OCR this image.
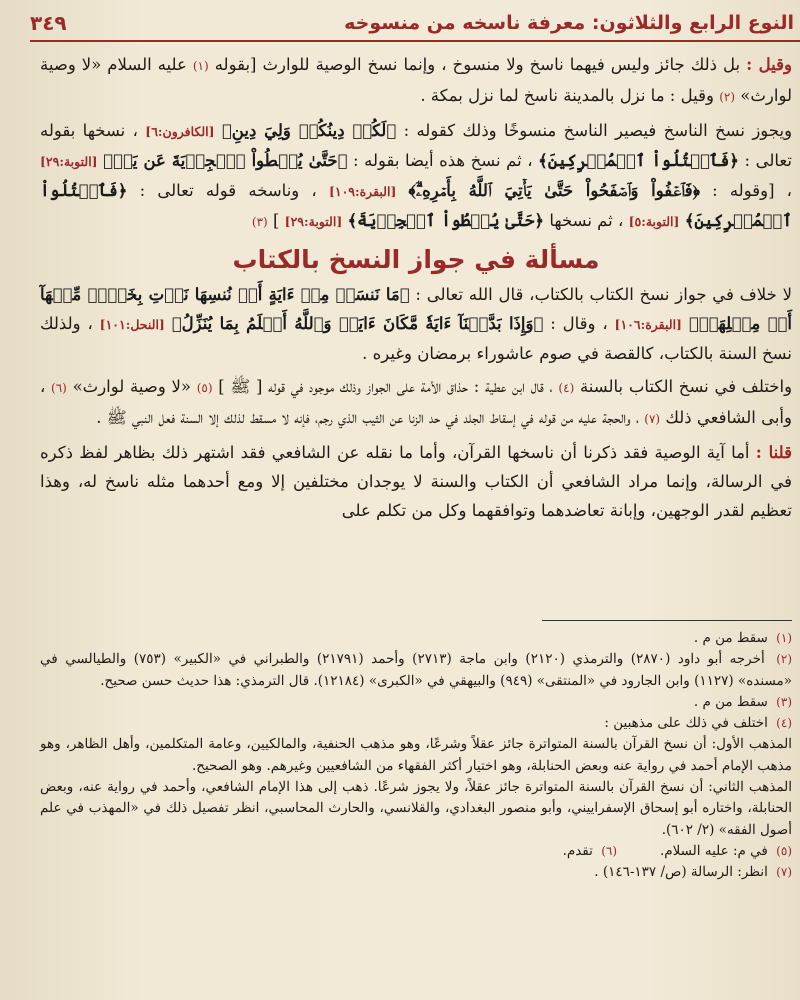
النوع الرابع والثلاثون: معرفة ناسخه من منسوخه
٣٤٩

وقيل : بل ذلك جائز وليس فيهما ناسخ ولا منسوخ ، وإنما نسخ الوصية للوارث [بقوله (١) عليه السلام «لا وصية لوارث» (٢) وقيل : ما نزل بالمدينة ناسخ لما نزل بمكة .

ويجوز نسخ الناسخ فيصير الناسخ منسوخًا وذلك كقوله : ﴿لَكُمۡ دِينُكُمۡ وَلِيَ دِينِ﴾ [الكافرون:٦] ، نسخها بقوله تعالى : ﴿فَٱقۡتُلُواْ ٱلۡمُشۡرِكِينَ﴾ ، ثم نسخ هذه أيضا بقوله : ﴿حَتَّىٰ يُعۡطُواْ ٱلۡجِزۡيَةَ عَن يَدٖ﴾ [التوبة:٢٩] ، [وقوله : ﴿فَٱعۡفُواْ وَٱصۡفَحُواْ حَتَّىٰ يَأۡتِيَ ٱللَّهُ بِأَمۡرِهِۦٓۗ﴾ [البقرة:١٠٩] ، وناسخه قوله تعالى : ﴿فَٱقۡتُلُواْ ٱلۡمُشۡرِكِينَ﴾ [التوبة:٥] ، ثم نسخها ﴿حَتَّىٰ يُعۡطُواْ ٱلۡجِزۡيَةَ﴾ [التوبة:٢٩] ] (٣)

مسألة في جواز النسخ بالكتاب

لا خلاف في جواز نسخ الكتاب بالكتاب، قال الله تعالى : ﴿مَا نَنسَخۡ مِنۡ ءَايَةٍ أَوۡ نُنسِهَا نَأۡتِ بِخَيۡرٖ مِّنۡهَآ أَوۡ مِثۡلِهَآۗ﴾ [البقرة:١٠٦] ، وقال : ﴿وَإِذَا بَدَّلۡنَآ ءَايَةٗ مَّكَانَ ءَايَةٖ وَٱللَّهُ أَعۡلَمُ بِمَا يُنَزِّلُ﴾ [النحل:١٠١] ، ولذلك نسخ السنة بالكتاب، كالقصة في صوم عاشوراء برمضان وغيره .

واختلف في نسخ الكتاب بالسنة (٤) ، قال ابن عطية : حذاق الأمة على الجواز وذلك موجود في قوله [ ﷺ ] (٥) «لا وصية لوارث» (٦) ، وأبى الشافعي ذلك (٧) ، والحجة عليه من قوله في إسقاط الجلد في حد الزنا عن الثيب الذي رجم، فإنه لا مسقط لذلك إلا السنة فعل النبي ﷺ .

قلنا : أما آية الوصية فقد ذكرنا أن ناسخها القرآن، وأما ما نقله عن الشافعي فقد اشتهر ذلك بظاهر لفظ ذكره في الرسالة، وإنما مراد الشافعي أن الكتاب والسنة لا يوجدان مختلفين إلا ومع أحدهما مثله ناسخ له، وهذا تعظيم لقدر الوجهين، وإبانة تعاضدهما وتوافقهما وكل من تكلم على

(١) سقط من م .

(٢) أخرجه أبو داود (٢٨٧٠) والترمذي (٢١٢٠) وابن ماجة (٢٧١٣) وأحمد (٢١٧٩١) والطبراني في «الكبير» (٧٥٣) والطيالسي في «مسنده» (١١٢٧) وابن الجارود في «المنتقى» (٩٤٩) والبيهقي في «الكبرى» (١٢١٨٤). قال الترمذي: هذا حديث حسن صحيح.

(٣) سقط من م .

(٤) اختلف في ذلك على مذهبين :

المذهب الأول: أن نسخ القرآن بالسنة المتواترة جائز عقلاً وشرعًا، وهو مذهب الحنفية، والمالكيين، وعامة المتكلمين، وأهل الظاهر، وهو مذهب الإمام أحمد في رواية عنه وبعض الحنابلة، وهو اختيار أكثر الفقهاء من الشافعيين وغيرهم. وهو الصحيح.

المذهب الثاني: أن نسخ القرآن بالسنة المتواترة جائز عقلاً، ولا يجوز شرعًا. ذهب إلى هذا الإمام الشافعي، وأحمد في رواية عنه، وبعض الحنابلة، واختاره أبو إسحاق الإسفراييني، وأبو منصور البغدادي، والقلانسي، والحارث المحاسبي، انظر تفصيل ذلك في «المهذب في علم أصول الفقه» (٢/ ٦٠٢).

(٥) في م: عليه السلام.          (٦) تقدم.

(٧) انظر: الرسالة (ص/ ١٣٧-١٤٦) .
